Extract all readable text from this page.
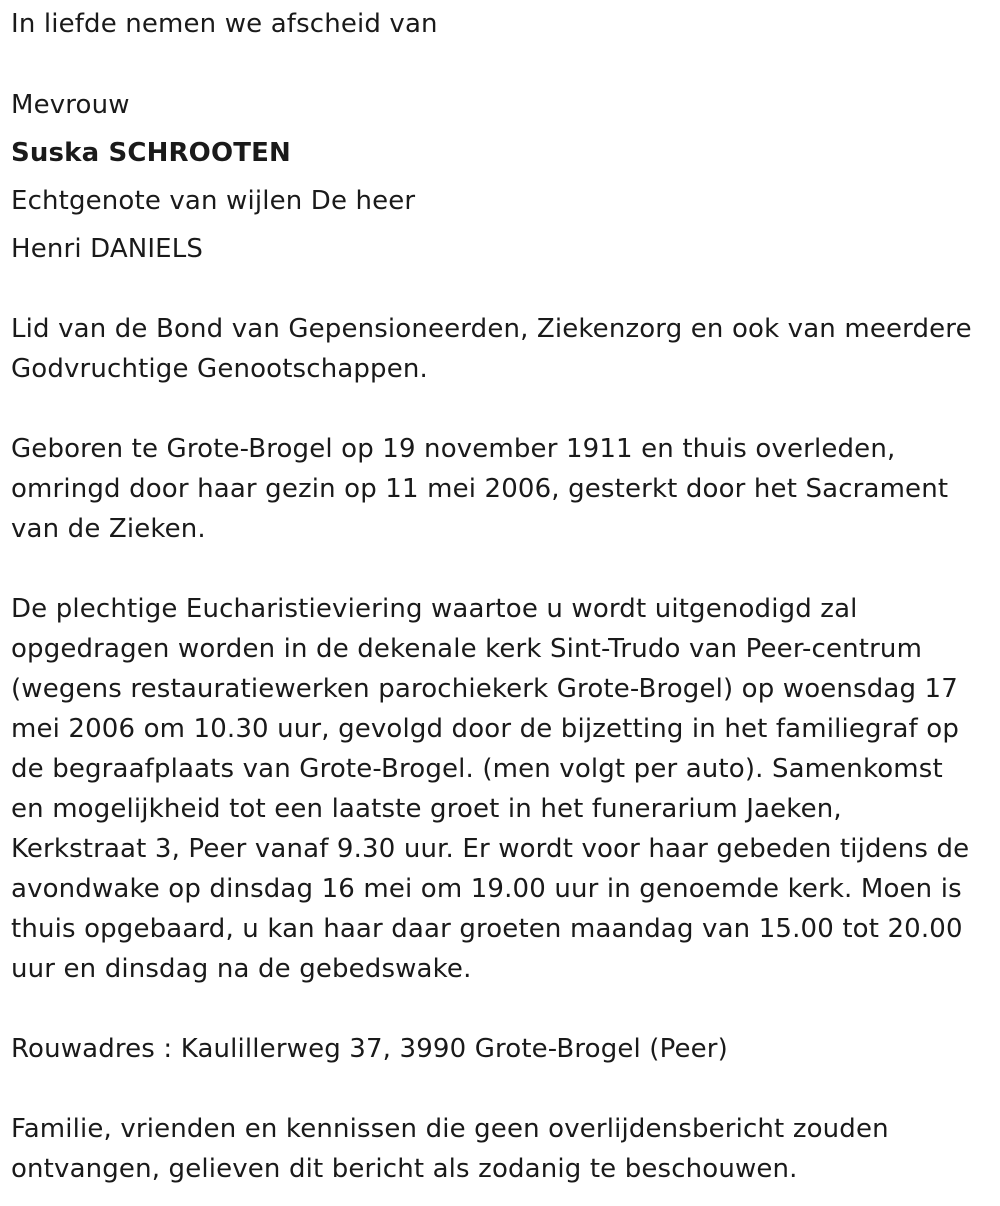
In liefde nemen we afscheid van
Mevrouw
Suska SCHROOTEN
Echtgenote van wijlen De heer
Henri DANIELS
Lid van de Bond van Gepensioneerden, Ziekenzorg en ook van meerdere
Godvruchtige Genootschappen.
Geboren te Grote-Brogel op 19 november 1911 en thuis overleden,
omringd door haar gezin op 11 mei 2006, gesterkt door het Sacrament
van de Zieken.
De plechtige Eucharistieviering waartoe u wordt uitgenodigd zal
opgedragen worden in de dekenale kerk Sint-Trudo van Peer-centrum
(wegens restauratiewerken parochiekerk Grote-Brogel) op woensdag 17
mei 2006 om 10.30 uur, gevolgd door de bijzetting in het familiegraf op
de begraafplaats van Grote-Brogel. (men volgt per auto). Samenkomst
en mogelijkheid tot een laatste groet in het funerarium Jaeken,
Kerkstraat 3, Peer vanaf 9.30 uur. Er wordt voor haar gebeden tijdens de
avondwake op dinsdag 16 mei om 19.00 uur in genoemde kerk. Moen is
thuis opgebaard, u kan haar daar groeten maandag van 15.00 tot 20.00
uur en dinsdag na de gebedswake.
Rouwadres : Kaulillerweg 37, 3990 Grote-Brogel (Peer)
Familie, vrienden en kennissen die geen overlijdensbericht zouden
ontvangen, gelieven dit bericht als zodanig te beschouwen.
